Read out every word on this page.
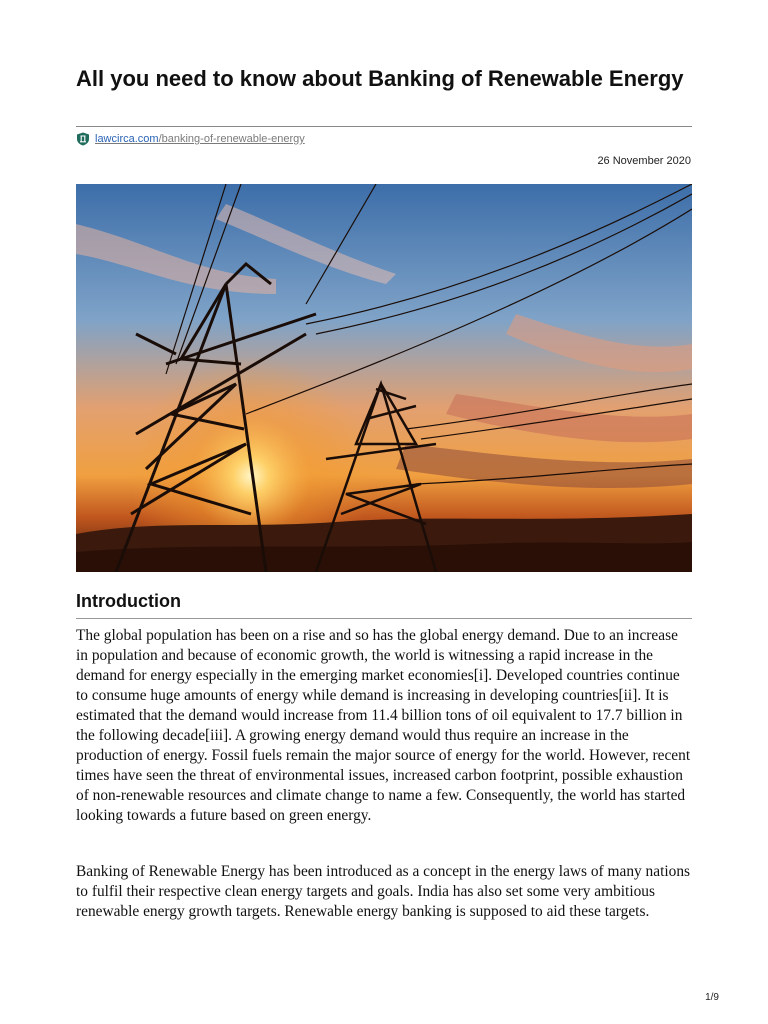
All you need to know about Banking of Renewable Energy
lawcirca.com/banking-of-renewable-energy
26 November 2020
Introduction

The global population has been on a rise and so has the global energy demand. Due to an increase in population and because of economic growth, the world is witnessing a rapid increase in the demand for energy especially in the emerging market economies[i]. Developed countries continue to consume huge amounts of energy while demand is increasing in developing countries[ii]. It is estimated that the demand would increase from 11.4 billion tons of oil equivalent to 17.7 billion in the following decade[iii]. A growing energy demand would thus require an increase in the production of energy. Fossil fuels remain the major source of energy for the world. However, recent times have seen the threat of environmental issues, increased carbon footprint, possible exhaustion of non-renewable resources and climate change to name a few. Consequently, the world has started looking towards a future based on green energy.

Banking of Renewable Energy has been introduced as a concept in the energy laws of many nations to fulfil their respective clean energy targets and goals. India has also set some very ambitious renewable energy growth targets. Renewable energy banking is supposed to aid these targets.

1/9
